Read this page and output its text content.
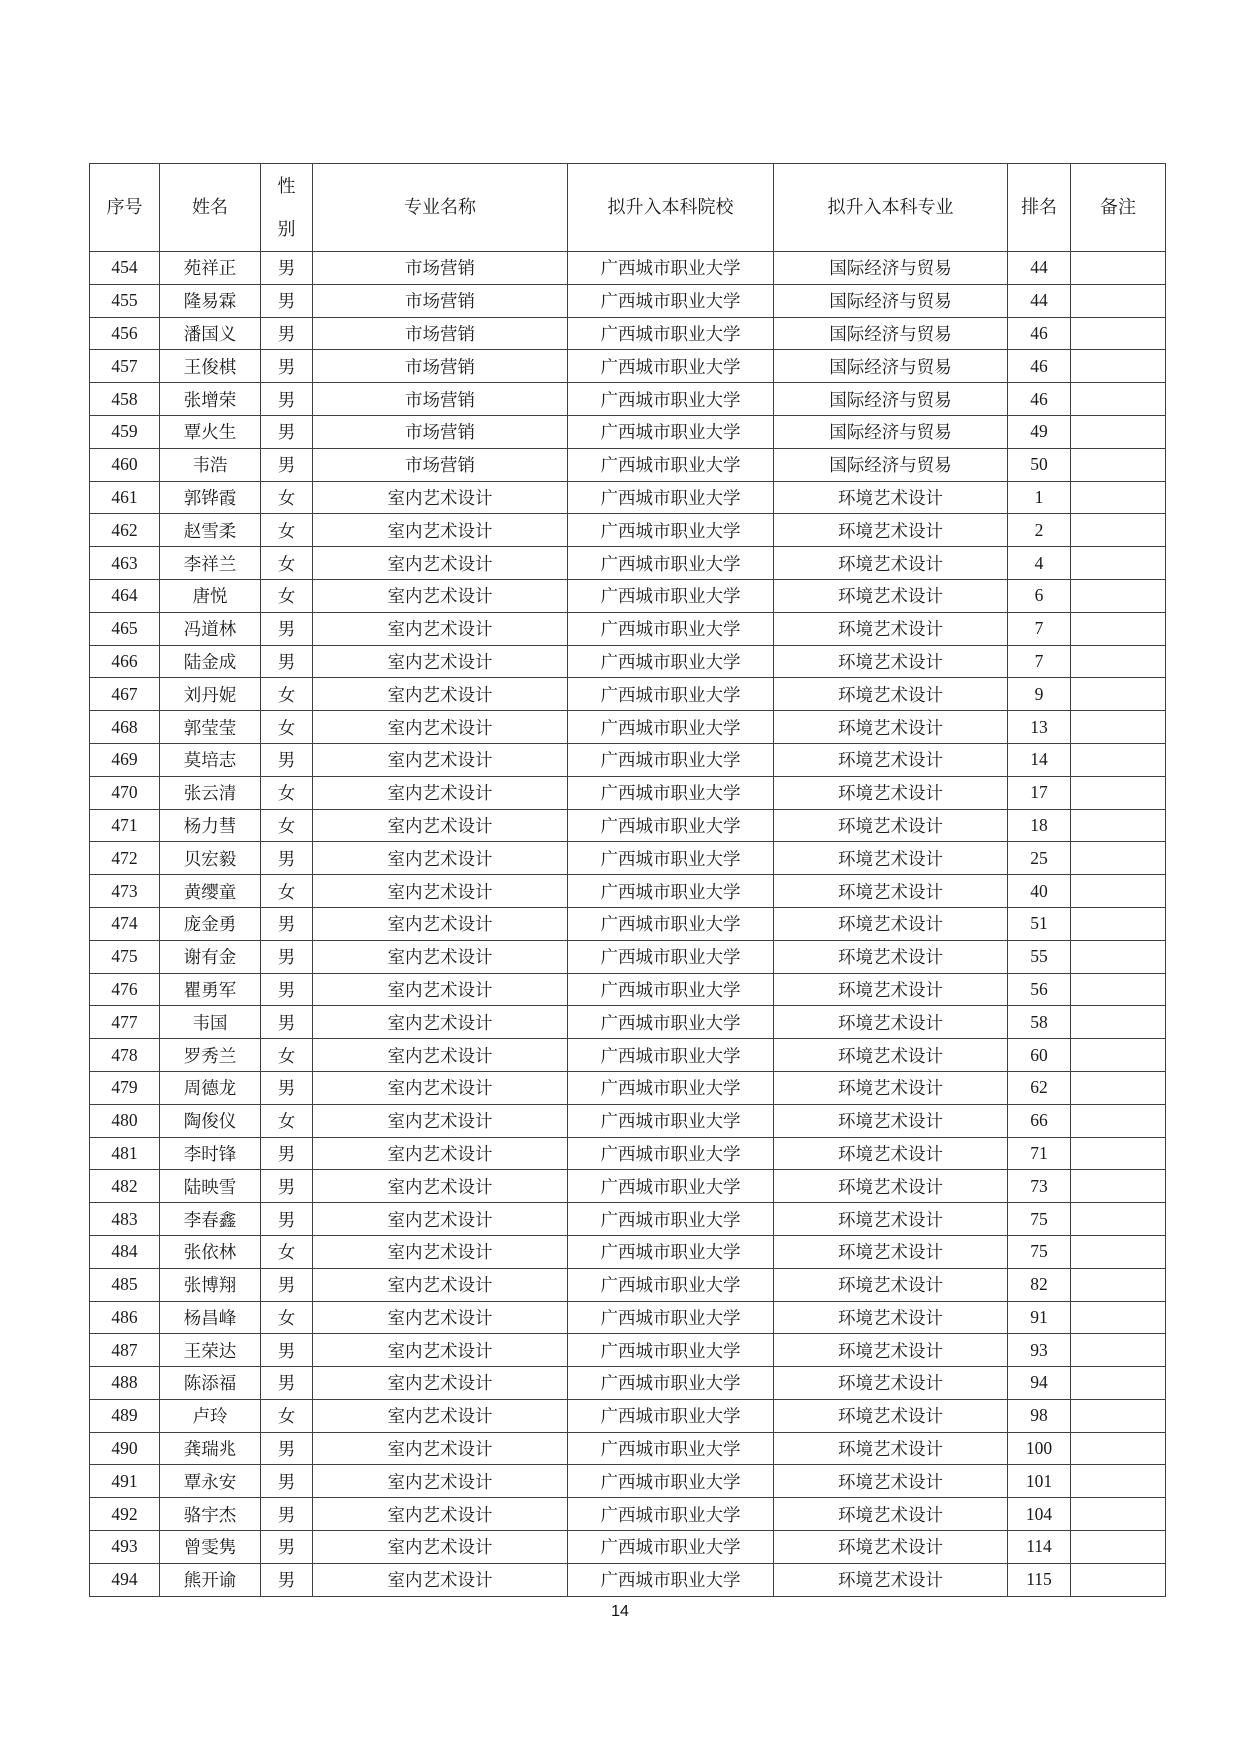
序号	姓名	性别	专业名称	拟升入本科院校	拟升入本科专业	排名	备注
454	苑祥正	男	市场营销	广西城市职业大学	国际经济与贸易	44	
455	隆易霖	男	市场营销	广西城市职业大学	国际经济与贸易	44	
456	潘国义	男	市场营销	广西城市职业大学	国际经济与贸易	46	
457	王俊棋	男	市场营销	广西城市职业大学	国际经济与贸易	46	
458	张增荣	男	市场营销	广西城市职业大学	国际经济与贸易	46	
459	覃火生	男	市场营销	广西城市职业大学	国际经济与贸易	49	
460	韦浩	男	市场营销	广西城市职业大学	国际经济与贸易	50	
461	郭铧霞	女	室内艺术设计	广西城市职业大学	环境艺术设计	1	
462	赵雪柔	女	室内艺术设计	广西城市职业大学	环境艺术设计	2	
463	李祥兰	女	室内艺术设计	广西城市职业大学	环境艺术设计	4	
464	唐悦	女	室内艺术设计	广西城市职业大学	环境艺术设计	6	
465	冯道林	男	室内艺术设计	广西城市职业大学	环境艺术设计	7	
466	陆金成	男	室内艺术设计	广西城市职业大学	环境艺术设计	7	
467	刘丹妮	女	室内艺术设计	广西城市职业大学	环境艺术设计	9	
468	郭莹莹	女	室内艺术设计	广西城市职业大学	环境艺术设计	13	
469	莫培志	男	室内艺术设计	广西城市职业大学	环境艺术设计	14	
470	张云清	女	室内艺术设计	广西城市职业大学	环境艺术设计	17	
471	杨力彗	女	室内艺术设计	广西城市职业大学	环境艺术设计	18	
472	贝宏毅	男	室内艺术设计	广西城市职业大学	环境艺术设计	25	
473	黄缨童	女	室内艺术设计	广西城市职业大学	环境艺术设计	40	
474	庞金勇	男	室内艺术设计	广西城市职业大学	环境艺术设计	51	
475	谢有金	男	室内艺术设计	广西城市职业大学	环境艺术设计	55	
476	瞿勇军	男	室内艺术设计	广西城市职业大学	环境艺术设计	56	
477	韦国	男	室内艺术设计	广西城市职业大学	环境艺术设计	58	
478	罗秀兰	女	室内艺术设计	广西城市职业大学	环境艺术设计	60	
479	周德龙	男	室内艺术设计	广西城市职业大学	环境艺术设计	62	
480	陶俊仪	女	室内艺术设计	广西城市职业大学	环境艺术设计	66	
481	李时锋	男	室内艺术设计	广西城市职业大学	环境艺术设计	71	
482	陆映雪	男	室内艺术设计	广西城市职业大学	环境艺术设计	73	
483	李春鑫	男	室内艺术设计	广西城市职业大学	环境艺术设计	75	
484	张依林	女	室内艺术设计	广西城市职业大学	环境艺术设计	75	
485	张博翔	男	室内艺术设计	广西城市职业大学	环境艺术设计	82	
486	杨昌峰	女	室内艺术设计	广西城市职业大学	环境艺术设计	91	
487	王荣达	男	室内艺术设计	广西城市职业大学	环境艺术设计	93	
488	陈添福	男	室内艺术设计	广西城市职业大学	环境艺术设计	94	
489	卢玲	女	室内艺术设计	广西城市职业大学	环境艺术设计	98	
490	龚瑞兆	男	室内艺术设计	广西城市职业大学	环境艺术设计	100	
491	覃永安	男	室内艺术设计	广西城市职业大学	环境艺术设计	101	
492	骆宇杰	男	室内艺术设计	广西城市职业大学	环境艺术设计	104	
493	曾雯隽	男	室内艺术设计	广西城市职业大学	环境艺术设计	114	
494	熊开谕	男	室内艺术设计	广西城市职业大学	环境艺术设计	115	
14
